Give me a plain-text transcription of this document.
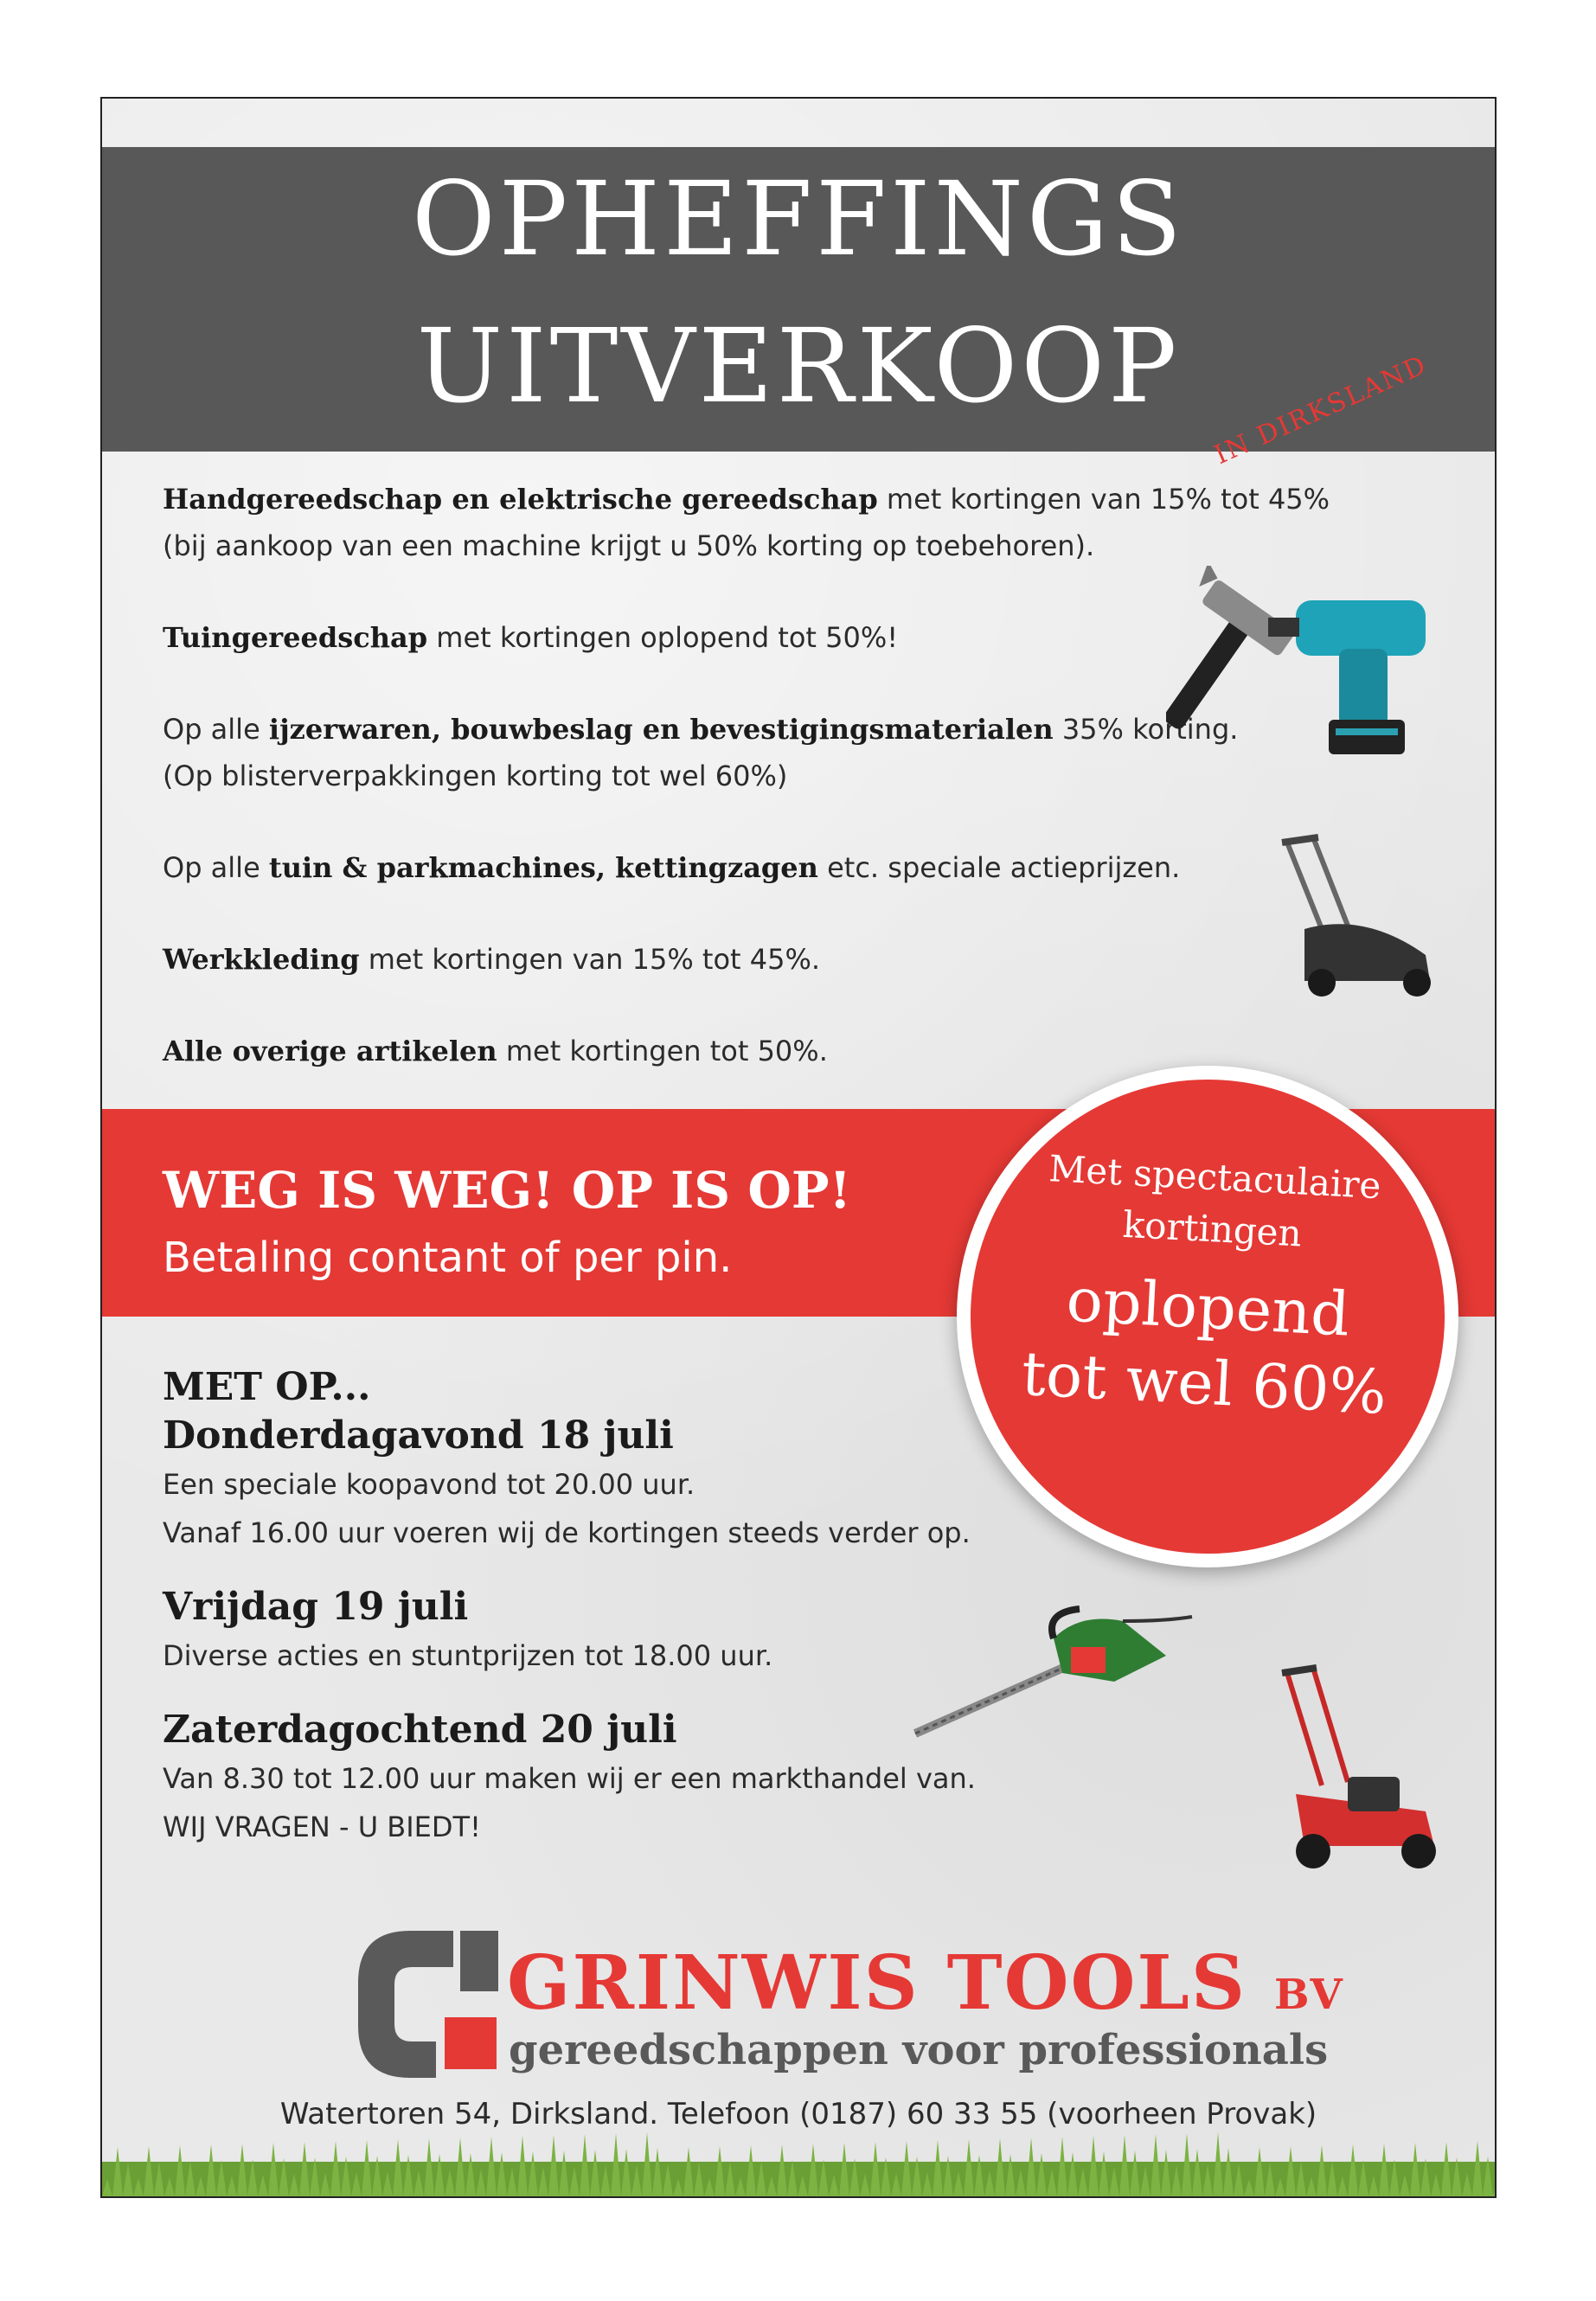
OPHEFFINGS
UITVERKOOP	IN DIRKSLAND

Handgereedschap en elektrische gereedschap met kortingen van 15% tot 45%

(bij aankoop van een machine krijgt u 50% korting op toebehoren).

Tuingereedschap met kortingen oplopend tot 50%!

Op alle ijzerwaren, bouwbeslag en bevestigingsmaterialen 35% korting.

(Op blisterverpakkingen korting tot wel 60%)

Op alle tuin & parkmachines, kettingzagen etc. speciale actieprijzen.

Werkkleding met kortingen van 15% tot 45%.

Alle overige artikelen met kortingen tot 50%.

WEG IS WEG! OP IS OP!
Betaling contant of per pin.
Met spectaculaire
kortingen
oplopend
tot wel 60%

MET OP...

Donderdagavond 18 juli

Een speciale koopavond tot 20.00 uur.

Vanaf 16.00 uur voeren wij de kortingen steeds verder op.

Vrijdag 19 juli

Diverse acties en stuntprijzen tot 18.00 uur.

Zaterdagochtend 20 juli

Van 8.30 tot 12.00 uur maken wij er een markthandel van.

WIJ VRAGEN - U BIEDT!

GRINWIS TOOLS BV
gereedschappen voor professionals
Watertoren 54, Dirksland. Telefoon (0187) 60 33 55 (voorheen Provak)
